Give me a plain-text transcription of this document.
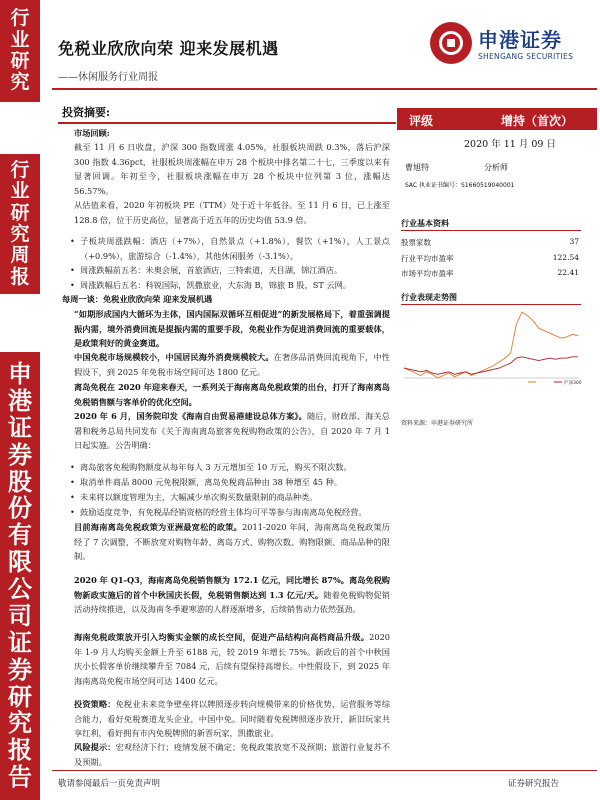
行
业
研
究
行
业
研
究
周
报
申
港
证
券
股
份
有
限
公
司
证
券
研
究
报
告
免税业欣欣向荣 迎来发展机遇
——休闲服务行业周报
申港证券
SHENGANG SECURITIES
投资摘要:
市场回顾:
截至 11 月 6 日收盘，沪深 300 指数周涨 4.05%，社服板块周跌 0.3%，落后沪深 300 指数 4.36pct，社服板块周涨幅在申万 28 个板块中排名第二十七，三季度以来有显著回调。年初至今，社服板块涨幅在申万 28 个板块中位列第 3 位，涨幅达 56.57%。
从估值来看，2020 年初板块 PE（TTM）处于近十年低谷。至 11 月 6 日，已上涨至 128.8 倍，位于历史高位，显著高于近五年的历史均值 53.9 倍。
• 子板块周涨跌幅：酒店（+7%），自然景点（+1.8%），餐饮（+1%），人工景点（+0.9%），旅游综合（-1.4%），其他休闲服务（-3.1%）。
• 周涨跌幅前五名：米奥会展，首旅酒店，三特索道，天目湖，锦江酒店。
• 周涨跌幅后五名：科锐国际，凯撒旅业，大东海 B，锦旅 B 股，ST 云网。
每周一谈：免税业欣欣向荣 迎来发展机遇
“如期形成国内大循环为主体，国内国际双循环互相促进”的新发展格局下，着重强调提振内需，境外消费回流是提振内需的重要手段，免税业作为促进消费回流的重要载体，是政策利好的黄金赛道。
中国免税市场规模较小，中国居民海外消费规模较大。在奢侈品消费回流视角下，中性假设下，到 2025 年免税市场空间可达 1800 亿元。
离岛免税在 2020 年迎来春天，一系列关于海南离岛免税政策的出台，打开了海南离岛免税销售额与客单价的优化空间。
2020 年 6 月，国务院印发《海南自由贸易港建设总体方案》。随后，财政部、海关总署和税务总局共同发布《关于海南离岛旅客免税购物政策的公告》，自 2020 年 7 月 1 日起实施。公告明确：
• 离岛旅客免税购物额度从每年每人 3 万元增加至 10 万元，购买不限次数。
• 取消单件商品 8000 元免税限额，离岛免税商品种由 38 种增至 45 种。
• 未来将以额度管理为主，大幅减少单次购买数量限制的商品种类。
• 鼓励适度竞争，有免税品经销资格的经营主体均可平等参与海南离岛免税经营。
目前海南离岛免税政策为亚洲最宽松的政策。2011-2020 年间，海南离岛免税政策历经了 7 次调整，不断放宽对购物年龄、离岛方式、购物次数、购物限额、商品品种的限制。
2020 年 Q1-Q3，海南离岛免税销售额为 172.1 亿元，同比增长 87%。离岛免税购物新政实施后的首个中秋国庆长假，免税销售额达到 1.3 亿元/天。随着免税购物促销活动持续推进，以及海南冬季避寒游的人群逐渐增多，后续销售动力依然强劲。
海南免税政策放开引入均衡实金额的成长空间，促进产品结构向高档商品升级。2020 年 1-9 月人均购买金额上升至 6188 元，较 2019 年增长 75%。新政后的首个中秋国庆小长假客单价继续攀升至 7084 元，后续有望保持高增长。中性假设下，到 2025 年海南离岛免税市场空间可达 1400 亿元。
投资策略：免税业未来竞争壁垒将以牌照逐步转向规模带来的价格优势，运营服务等综合能力，看好免税赛道龙头企业，中国中免。同时随着免税牌照逐步放开，新旧玩家共享红利，看好拥有市内免税牌照的新晋玩家，凯撒旅业。
风险提示：宏观经济下行；疫情发展不确定；免税政策放宽不及预期；旅游行业复苏不及预期。
评级	增持（首次）
2020 年 11 月 09 日
曹旭特	分析师
SAC 执业证书编号：S1660519040001
行业基本资料
股票家数	37
行业平均市盈率	122.54
市场平均市盈率	22.41
行业表现走势图
沪深300
资料来源：申港证券研究所
敬请参阅最后一页免责声明	证券研究报告
